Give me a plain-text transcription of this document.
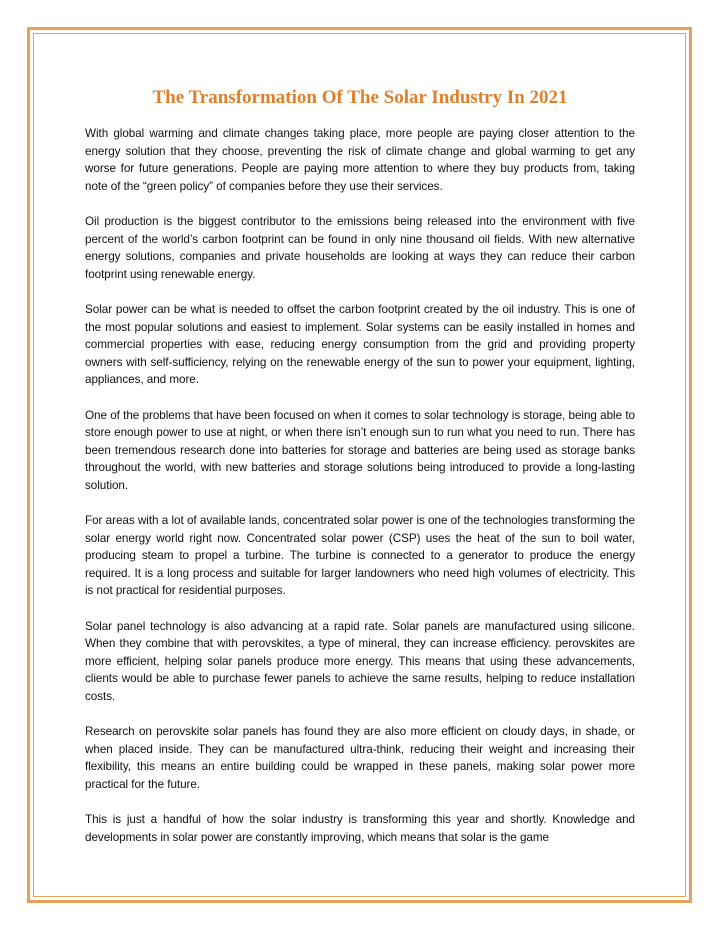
The Transformation Of The Solar Industry In 2021

With global warming and climate changes taking place, more people are paying closer attention to the energy solution that they choose, preventing the risk of climate change and global warming to get any worse for future generations. People are paying more attention to where they buy products from, taking note of the “green policy” of companies before they use their services.

Oil production is the biggest contributor to the emissions being released into the environment with five percent of the world’s carbon footprint can be found in only nine thousand oil fields. With new alternative energy solutions, companies and private households are looking at ways they can reduce their carbon footprint using renewable energy.

Solar power can be what is needed to offset the carbon footprint created by the oil industry. This is one of the most popular solutions and easiest to implement. Solar systems can be easily installed in homes and commercial properties with ease, reducing energy consumption from the grid and providing property owners with self-sufficiency, relying on the renewable energy of the sun to power your equipment, lighting, appliances, and more.

One of the problems that have been focused on when it comes to solar technology is storage, being able to store enough power to use at night, or when there isn’t enough sun to run what you need to run. There has been tremendous research done into batteries for storage and batteries are being used as storage banks throughout the world, with new batteries and storage solutions being introduced to provide a long-lasting solution.

For areas with a lot of available lands, concentrated solar power is one of the technologies transforming the solar energy world right now. Concentrated solar power (CSP) uses the heat of the sun to boil water, producing steam to propel a turbine. The turbine is connected to a generator to produce the energy required. It is a long process and suitable for larger landowners who need high volumes of electricity. This is not practical for residential purposes.

Solar panel technology is also advancing at a rapid rate. Solar panels are manufactured using silicone. When they combine that with perovskites, a type of mineral, they can increase efficiency. perovskites are more efficient, helping solar panels produce more energy. This means that using these advancements, clients would be able to purchase fewer panels to achieve the same results, helping to reduce installation costs.

Research on perovskite solar panels has found they are also more efficient on cloudy days, in shade, or when placed inside. They can be manufactured ultra-think, reducing their weight and increasing their flexibility, this means an entire building could be wrapped in these panels, making solar power more practical for the future.

This is just a handful of how the solar industry is transforming this year and shortly. Knowledge and developments in solar power are constantly improving, which means that solar is the game
